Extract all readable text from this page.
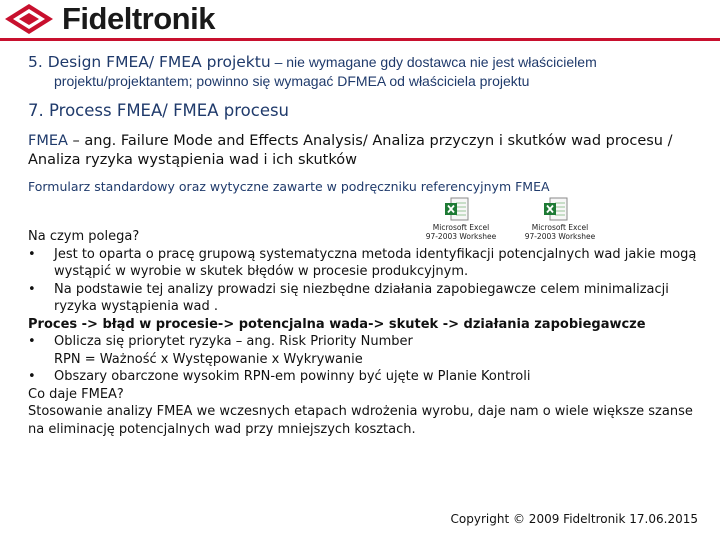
Fideltronik
5. Design FMEA/ FMEA projektu – nie wymagane gdy dostawca nie jest właścicielem
projektu/projektantem; powinno się wymagać DFMEA od właściciela projektu
7. Process FMEA/ FMEA procesu
FMEA – ang. Failure Mode and Effects Analysis/ Analiza przyczyn i skutków wad procesu /
Analiza ryzyka wystąpienia wad i ich skutków
Formularz standardowy oraz wytyczne zawarte w podręczniku referencyjnym FMEA
Microsoft Excel
97-2003 Workshee
Microsoft Excel
97-2003 Workshee

Na czym polega?

•	Jest to oparta o pracę grupową systematyczna metoda identyfikacji potencjalnych wad jakie mogą wystąpić w wyrobie w skutek błędów w procesie produkcyjnym.
•	Na podstawie tej analizy prowadzi się niezbędne działania zapobiegawcze celem minimalizacji ryzyka wystąpienia wad .

Proces -> błąd w procesie-> potencjalna wada-> skutek -> działania zapobiegawcze

•	Oblicza się priorytet ryzyka – ang. Risk Priority Number
RPN = Ważność x Występowanie x Wykrywanie
•	Obszary obarczone wysokim RPN-em powinny być ujęte w Planie Kontroli

Co daje FMEA?

Stosowanie analizy FMEA we wczesnych etapach wdrożenia wyrobu, daje nam o wiele większe szanse na eliminację potencjalnych wad przy mniejszych kosztach.

Copyright © 2009 Fideltronik 17.06.2015
